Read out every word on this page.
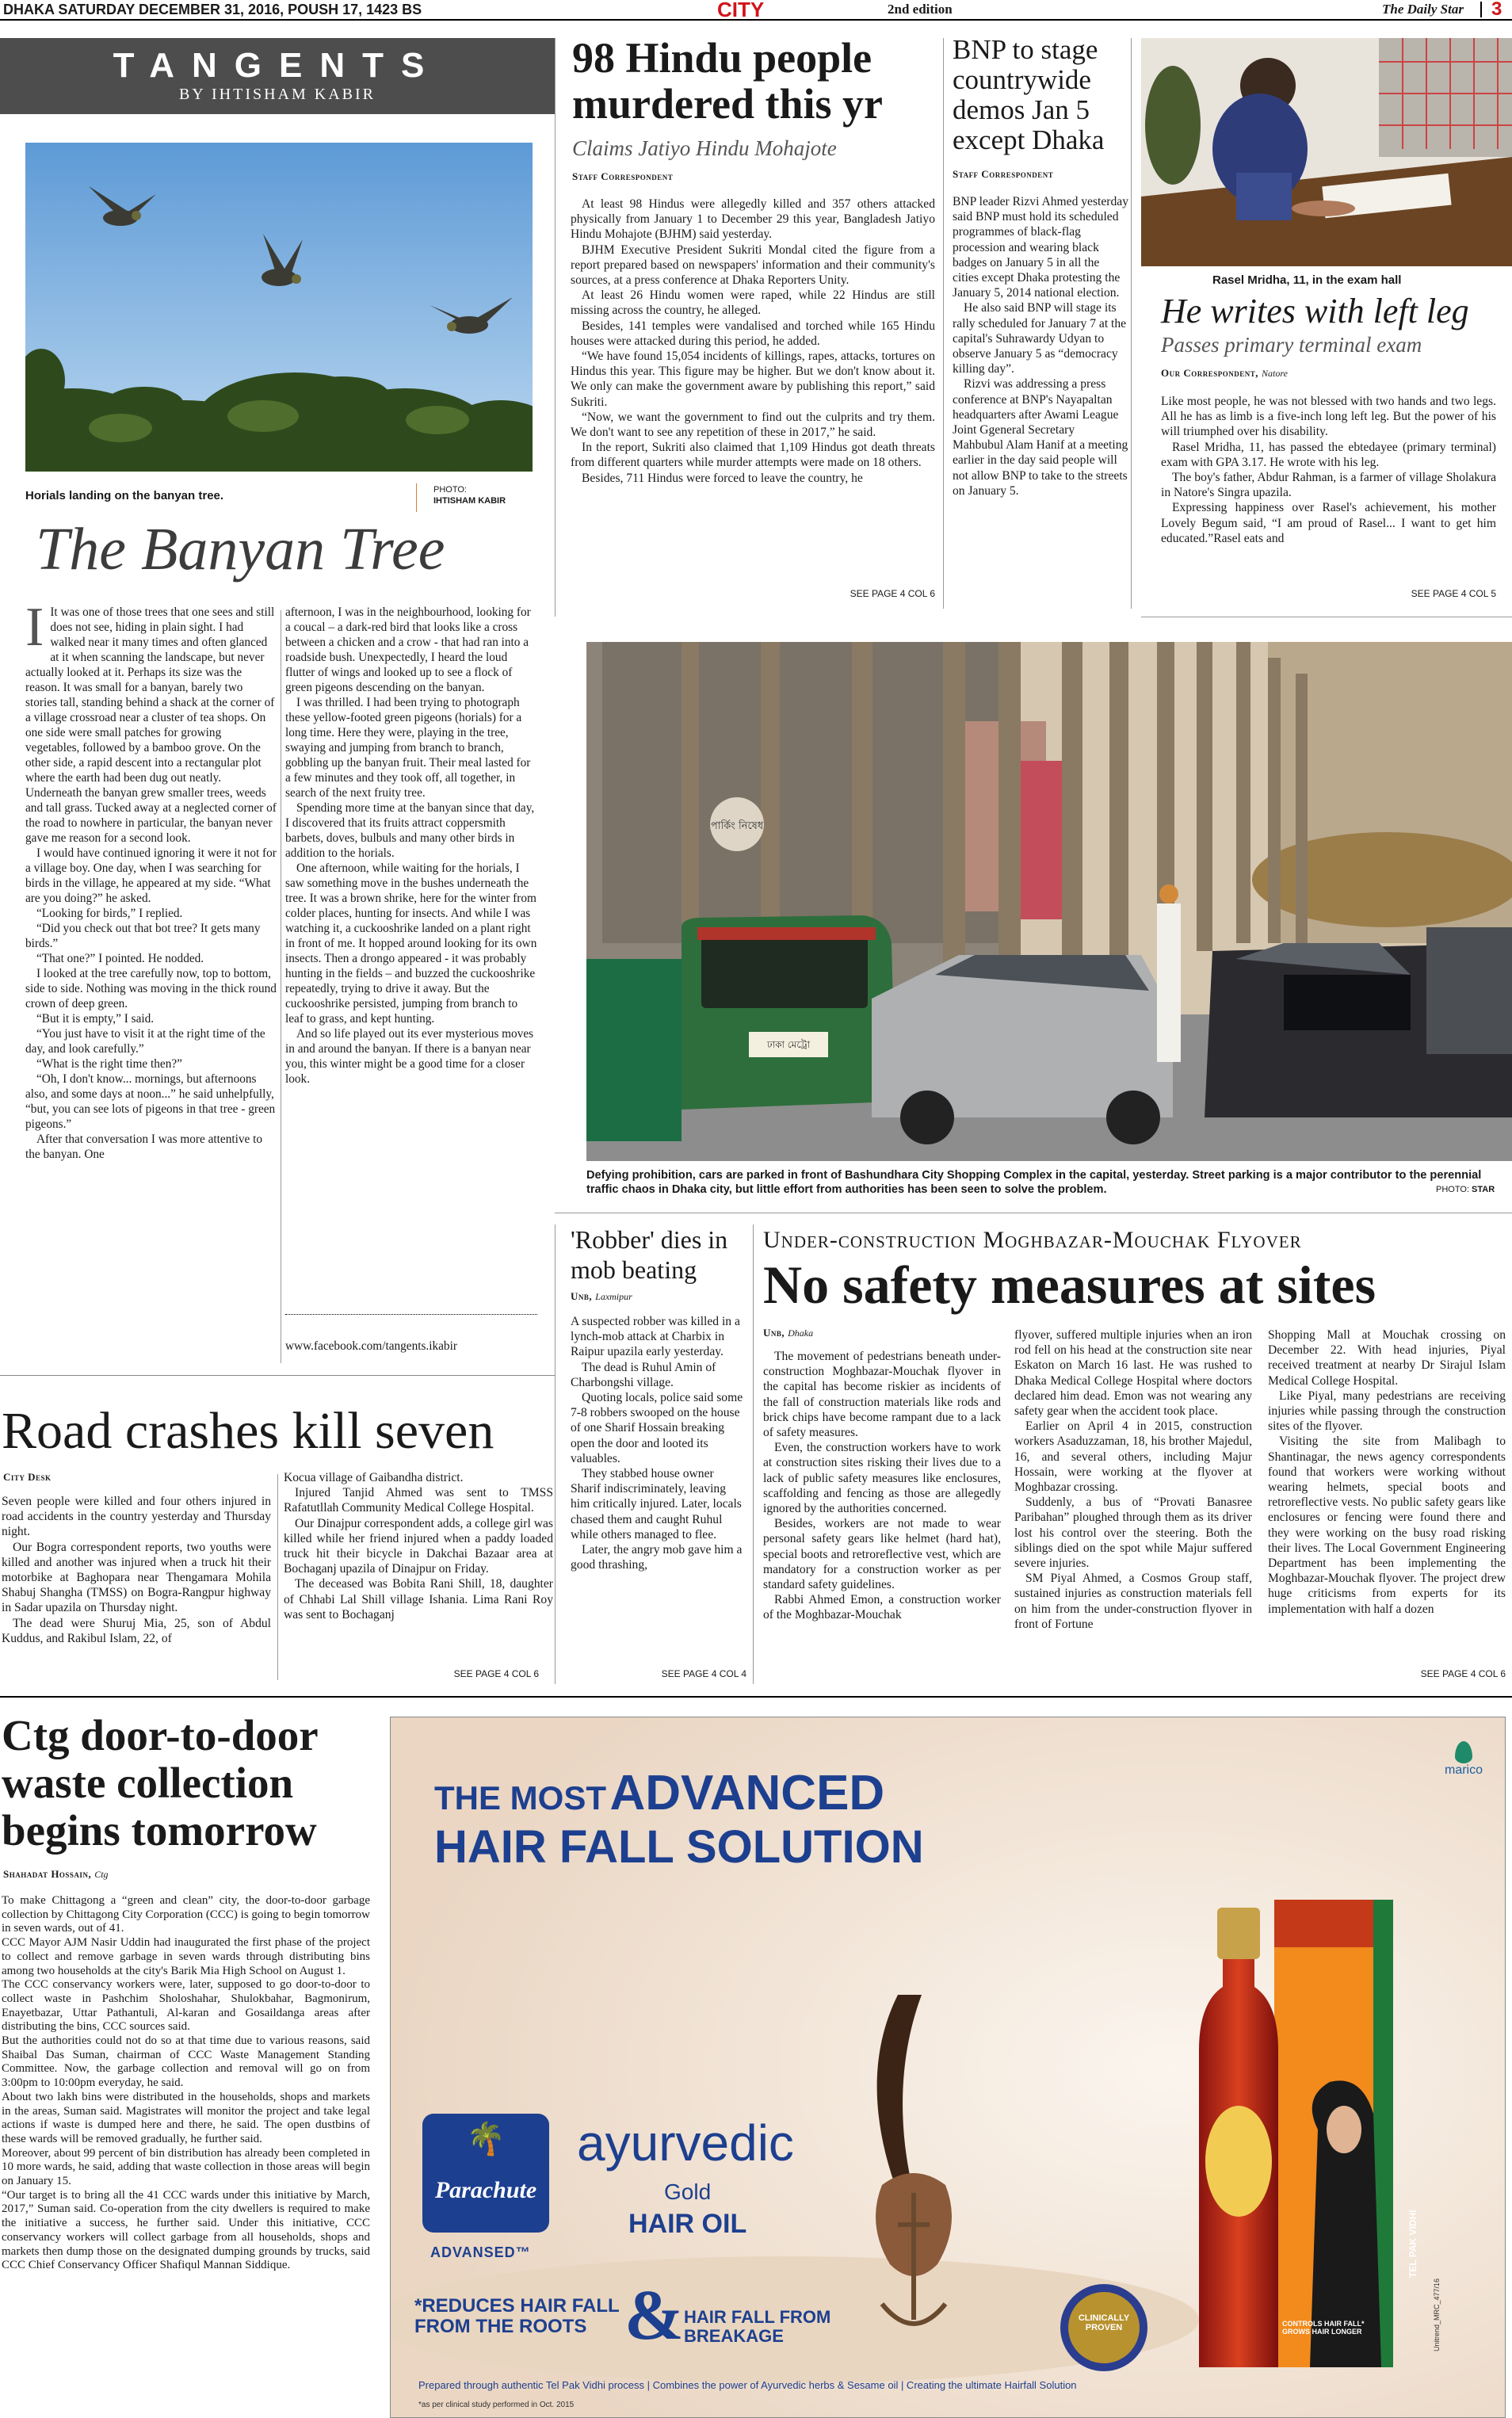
DHAKA SATURDAY DECEMBER 31, 2016, POUSH 17, 1423 BS	CITY	2nd edition	The Daily Star 3
TANGENTS
BY IHTISHAM KABIR
Horials landing on the banyan tree.	PHOTO:
IHTISHAM KABIR
The Banyan Tree
I It was one of those trees that one sees and still does not see, hiding in plain sight. I had walked near it many times and often glanced at it when scanning the landscape, but never actually looked at it. Perhaps its size was the reason. It was small for a banyan, barely two stories tall, standing behind a shack at the corner of a village crossroad near a cluster of tea shops. On one side were small patches for growing vegetables, followed by a bamboo grove. On the other side, a rapid descent into a rectangular plot where the earth had been dug out neatly. Underneath the banyan grew smaller trees, weeds and tall grass. Tucked away at a neglected corner of the road to nowhere in particular, the banyan never gave me reason for a second look.

I would have continued ignoring it were it not for a village boy. One day, when I was searching for birds in the village, he appeared at my side. “What are you doing?” he asked.

“Looking for birds,” I replied.

“Did you check out that bot tree? It gets many birds.”

“That one?” I pointed. He nodded.

I looked at the tree carefully now, top to bottom, side to side. Nothing was moving in the thick round crown of deep green.

“But it is empty,” I said.

“You just have to visit it at the right time of the day, and look carefully.”

“What is the right time then?”

“Oh, I don't know... mornings, but afternoons also, and some days at noon...” he said unhelpfully, “but, you can see lots of pigeons in that tree - green pigeons.”

After that conversation I was more attentive to the banyan. One

afternoon, I was in the neighbourhood, looking for a coucal – a dark-red bird that looks like a cross between a chicken and a crow - that had ran into a roadside bush. Unexpectedly, I heard the loud flutter of wings and looked up to see a flock of green pigeons descending on the banyan.

I was thrilled. I had been trying to photograph these yellow-footed green pigeons (horials) for a long time. Here they were, playing in the tree, swaying and jumping from branch to branch, gobbling up the banyan fruit. Their meal lasted for a few minutes and they took off, all together, in search of the next fruity tree.

Spending more time at the banyan since that day, I discovered that its fruits attract coppersmith barbets, doves, bulbuls and many other birds in addition to the horials.

One afternoon, while waiting for the horials, I saw something move in the bushes underneath the tree. It was a brown shrike, here for the winter from colder places, hunting for insects. And while I was watching it, a cuckooshrike landed on a plant right in front of me. It hopped around looking for its own insects. Then a drongo appeared - it was probably hunting in the fields – and buzzed the cuckooshrike repeatedly, trying to drive it away. But the cuckooshrike persisted, jumping from branch to leaf to grass, and kept hunting.

And so life played out its ever mysterious moves in and around the banyan. If there is a banyan near you, this winter might be a good time for a closer look.

www.facebook.com/tangents.ikabir
98 Hindu people murdered this yr
Claims Jatiyo Hindu Mohajote
Staff Correspondent

At least 98 Hindus were allegedly killed and 357 others attacked physically from January 1 to December 29 this year, Bangladesh Jatiyo Hindu Mohajote (BJHM) said yesterday.

BJHM Executive President Sukriti Mondal cited the figure from a report prepared based on newspapers' information and their community's sources, at a press conference at Dhaka Reporters Unity.

At least 26 Hindu women were raped, while 22 Hindus are still missing across the country, he alleged.

Besides, 141 temples were vandalised and torched while 165 Hindu houses were attacked during this period, he added.

“We have found 15,054 incidents of killings, rapes, attacks, tortures on Hindus this year. This figure may be higher. But we don't know about it. We only can make the government aware by publishing this report,” said Sukriti.

“Now, we want the government to find out the culprits and try them. We don't want to see any repetition of these in 2017,” he said.

In the report, Sukriti also claimed that 1,109 Hindus got death threats from different quarters while murder attempts were made on 18 others.

Besides, 711 Hindus were forced to leave the country, he

SEE PAGE 4 COL 6
BNP to stage countrywide demos Jan 5 except Dhaka
Staff Correspondent

BNP leader Rizvi Ahmed yesterday said BNP must hold its scheduled programmes of black-flag procession and wearing black badges on January 5 in all the cities except Dhaka protesting the January 5, 2014 national election.

He also said BNP will stage its rally scheduled for January 7 at the capital's Suhrawardy Udyan to observe January 5 as “democracy killing day”.

Rizvi was addressing a press conference at BNP's Nayapaltan headquarters after Awami League Joint Ggeneral Secretary Mahbubul Alam Hanif at a meeting earlier in the day said people will not allow BNP to take to the streets on January 5.

Rasel Mridha, 11, in the exam hall
He writes with left leg
Passes primary terminal exam
Our Correspondent, Natore

Like most people, he was not blessed with two hands and two legs. All he has as limb is a five-inch long left leg. But the power of his will triumphed over his disability.

Rasel Mridha, 11, has passed the ebtedayee (primary terminal) exam with GPA 3.17. He wrote with his leg.

The boy's father, Abdur Rahman, is a farmer of village Sholakura in Natore's Singra upazila.

Expressing happiness over Rasel's achievement, his mother Lovely Begum said, “I am proud of Rasel... I want to get him educated.”Rasel eats and

SEE PAGE 4 COL 5
পার্কিং নিষেধ
ঢাকা মেট্রো
Defying prohibition, cars are parked in front of Bashundhara City Shopping Complex in the capital, yesterday. Street parking is a major contributor to the perennial traffic chaos in Dhaka city, but little effort from authorities has been seen to solve the problem.	PHOTO: STAR
'Robber' dies in mob beating
Unb, Laxmipur

A suspected robber was killed in a lynch-mob attack at Charbix in Raipur upazila early yesterday.

The dead is Ruhul Amin of Charbongshi village.

Quoting locals, police said some 7-8 robbers swooped on the house of one Sharif Hossain breaking open the door and looted its valuables.

They stabbed house owner Sharif indiscriminately, leaving him critically injured. Later, locals chased them and caught Ruhul while others managed to flee.

Later, the angry mob gave him a good thrashing,

SEE PAGE 4 COL 4
Under-construction Moghbazar-Mouchak Flyover
No safety measures at sites
Unb, Dhaka

The movement of pedestrians beneath under-construction Moghbazar-Mouchak flyover in the capital has become riskier as incidents of the fall of construction materials like rods and brick chips have become rampant due to a lack of safety measures.

Even, the construction workers have to work at construction sites risking their lives due to a lack of public safety measures like enclosures, scaffolding and fencing as those are allegedly ignored by the authorities concerned.

Besides, workers are not made to wear personal safety gears like helmet (hard hat), special boots and retroreflective vest, which are mandatory for a construction worker as per standard safety guidelines.

Rabbi Ahmed Emon, a construction worker of the Moghbazar-Mouchak

flyover, suffered multiple injuries when an iron rod fell on his head at the construction site near Eskaton on March 16 last. He was rushed to Dhaka Medical College Hospital where doctors declared him dead. Emon was not wearing any safety gear when the accident took place.

Earlier on April 4 in 2015, construction workers Asaduzzaman, 18, his brother Majedul, 16, and several others, including Majur Hossain, were working at the flyover at Moghbazar crossing.

Suddenly, a bus of “Provati Banasree Paribahan” ploughed through them as its driver lost his control over the steering. Both the siblings died on the spot while Majur suffered severe injuries.

SM Piyal Ahmed, a Cosmos Group staff, sustained injuries as construction materials fell on him from the under-construction flyover in front of Fortune

Shopping Mall at Mouchak crossing on December 22. With head injuries, Piyal received treatment at nearby Dr Sirajul Islam Medical College Hospital.

Like Piyal, many pedestrians are receiving injuries while passing through the construction sites of the flyover.

Visiting the site from Malibagh to Shantinagar, the news agency correspondents found that workers were working without wearing helmets, special boots and retroreflective vests. No public safety gears like enclosures or fencing were found there and they were working on the busy road risking their lives. The Local Government Engineering Department has been implementing the Moghbazar-Mouchak flyover. The project drew huge criticisms from experts for its implementation with half a dozen

SEE PAGE 4 COL 6
Road crashes kill seven
City Desk

Seven people were killed and four others injured in road accidents in the country yesterday and Thursday night.

Our Bogra correspondent reports, two youths were killed and another was injured when a truck hit their motorbike at Baghopara near Thengamara Mohila Shabuj Shangha (TMSS) on Bogra-Rangpur highway in Sadar upazila on Thursday night.

The dead were Shuruj Mia, 25, son of Abdul Kuddus, and Rakibul Islam, 22, of

Kocua village of Gaibandha district.

Injured Tanjid Ahmed was sent to TMSS Rafatutllah Community Medical College Hospital.

Our Dinajpur correspondent adds, a college girl was killed while her friend injured when a paddy loaded truck hit their bicycle in Dakchai Bazaar area at Bochaganj upazila of Dinajpur on Friday.

The deceased was Bobita Rani Shill, 18, daughter of Chhabi Lal Shill village Ishania. Lima Rani Roy was sent to Bochaganj

SEE PAGE 4 COL 6
Ctg door-to-door waste collection begins tomorrow
Shahadat Hossain, Ctg

To make Chittagong a “green and clean” city, the door-to-door garbage collection by Chittagong City Corporation (CCC) is going to begin tomorrow in seven wards, out of 41.

CCC Mayor AJM Nasir Uddin had inaugurated the first phase of the project to collect and remove garbage in seven wards through distributing bins among two households at the city's Barik Mia High School on August 1.

The CCC conservancy workers were, later, supposed to go door-to-door to collect waste in Pashchim Sholoshahar, Shulokbahar, Bagmonirum, Enayetbazar, Uttar Pathantuli, Al-karan and Gosaildanga areas after distributing the bins, CCC sources said.

But the authorities could not do so at that time due to various reasons, said Shaibal Das Suman, chairman of CCC Waste Management Standing Committee. Now, the garbage collection and removal will go on from 3:00pm to 10:00pm everyday, he said.

About two lakh bins were distributed in the households, shops and markets in the areas, Suman said. Magistrates will monitor the project and take legal actions if waste is dumped here and there, he said. The open dustbins of these wards will be removed gradually, he further said.

Moreover, about 99 percent of bin distribution has already been completed in 10 more wards, he said, adding that waste collection in those areas will begin on January 15.

“Our target is to bring all the 41 CCC wards under this initiative by March, 2017,” Suman said. Co-operation from the city dwellers is required to make the initiative a success, he further said. Under this initiative, CCC conservancy workers will collect garbage from all households, shops and markets then dump those on the designated dumping grounds by trucks, said CCC Chief Conservancy Officer Shafiqul Mannan Siddique.

THE MOST ADVANCED
HAIR FALL SOLUTION
🌴
Parachute
ADVANSED™
ayurvedic
Gold
HAIR OIL
*REDUCES HAIR FALL FROM THE ROOTS & HAIR FALL FROM BREAKAGE
CLINICALLY PROVEN
TEL PAK VIDHI
CONTROLS HAIR FALL* GROWS HAIR LONGER	Unitrend_MRC_477/16
marico
Prepared through authentic Tel Pak Vidhi process | Combines the power of Ayurvedic herbs & Sesame oil | Creating the ultimate Hairfall Solution
*as per clinical study performed in Oct. 2015
